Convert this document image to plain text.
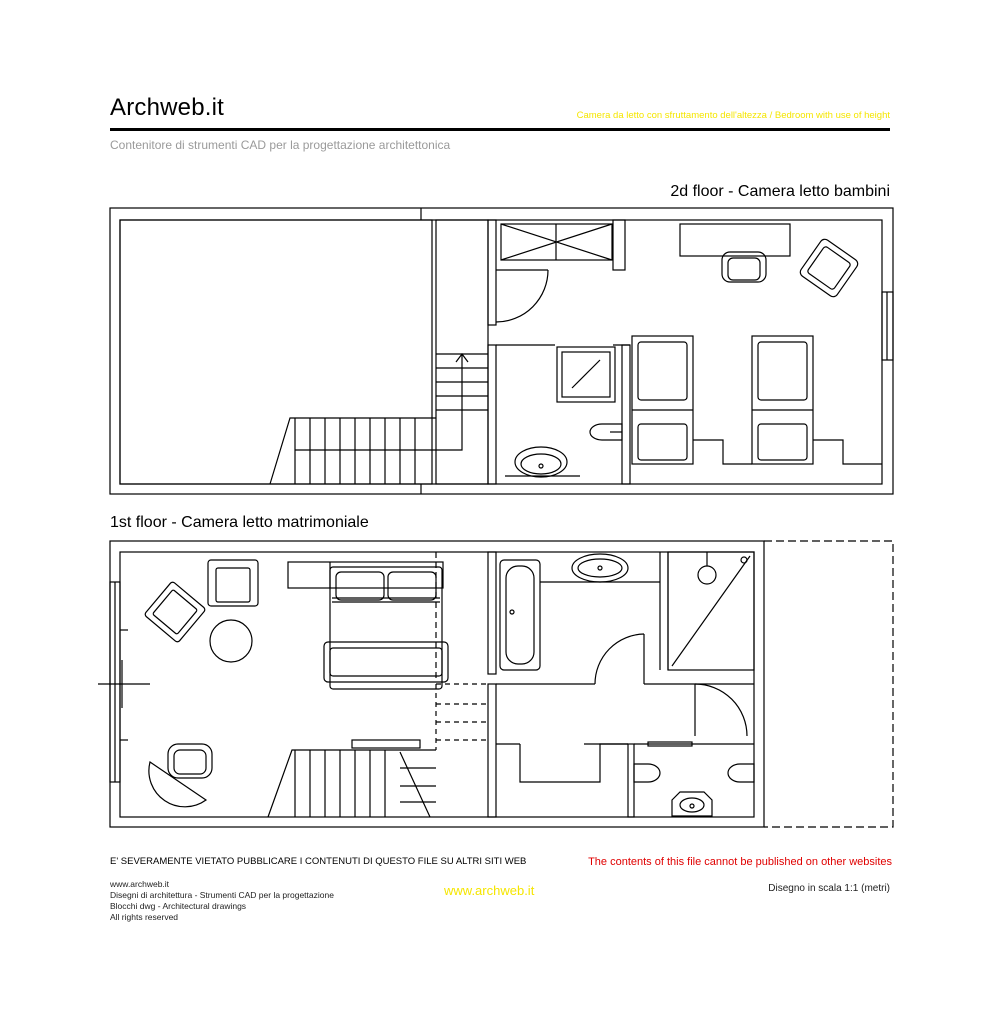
Archweb.it	Camera da letto con sfruttamento dell'altezza / Bedroom with use of height
Contenitore di strumenti CAD per la progettazione architettonica
2d floor - Camera letto bambini
1st floor - Camera letto matrimoniale
E' SEVERAMENTE VIETATO PUBBLICARE I CONTENUTI DI QUESTO FILE SU ALTRI SITI WEB	The contents of this file cannot be published on other websites
www.archweb.it
Disegni di architettura - Strumenti CAD per la progettazione
Blocchi dwg - Architectural drawings
All rights reserved
www.archweb.it	Disegno in scala 1:1 (metri)
